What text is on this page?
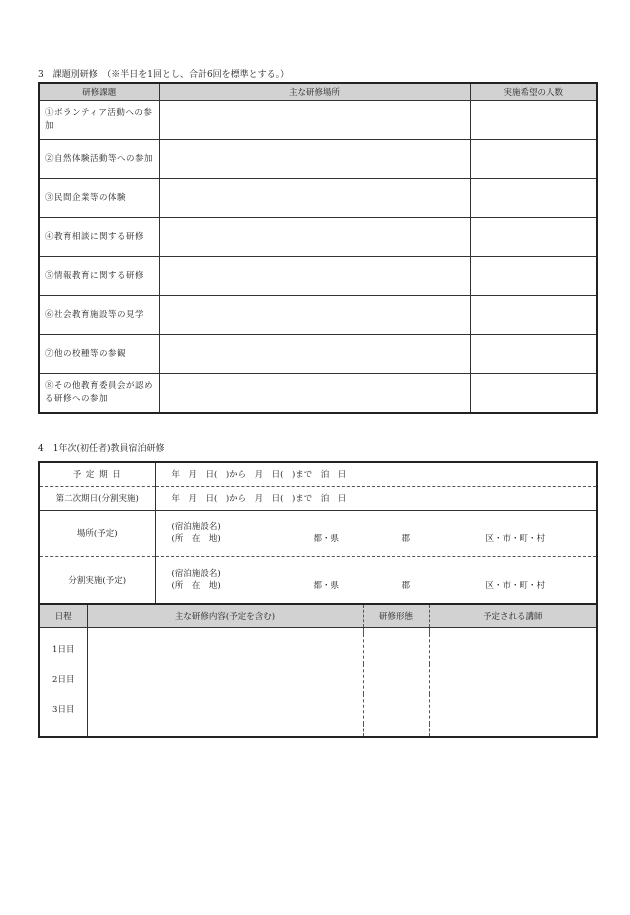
3　課題別研修　（※半日を1回とし、合計6回を標準とする。）
研修課題	主な研修場所	実施希望の人数
①ボランティア活動への参加		
②自然体験活動等への参加		
③民間企業等の体験		
④教育相談に関する研修		
⑤情報教育に関する研修		
⑥社会教育施設等の見学		
⑦他の校種等の参観		
⑧その他教育委員会が認める研修への参加		
4　1年次(初任者)教員宿泊研修
予 定 期 日	年　月　日(　)から　月　日(　)まで　泊　日
第二次期日(分割実施)	年　月　日(　)から　月　日(　)まで　泊　日
場所(予定)	(宿泊施設名)
(所　在　地) 都・県 郡 区・市・町・村

分割実施(予定)	(宿泊施設名)
(所　在　地) 都・県 郡 区・市・町・村
日程	主な研修内容(予定を含む)	研修形態	予定される講師

1日目			
2日目			
3日目			
